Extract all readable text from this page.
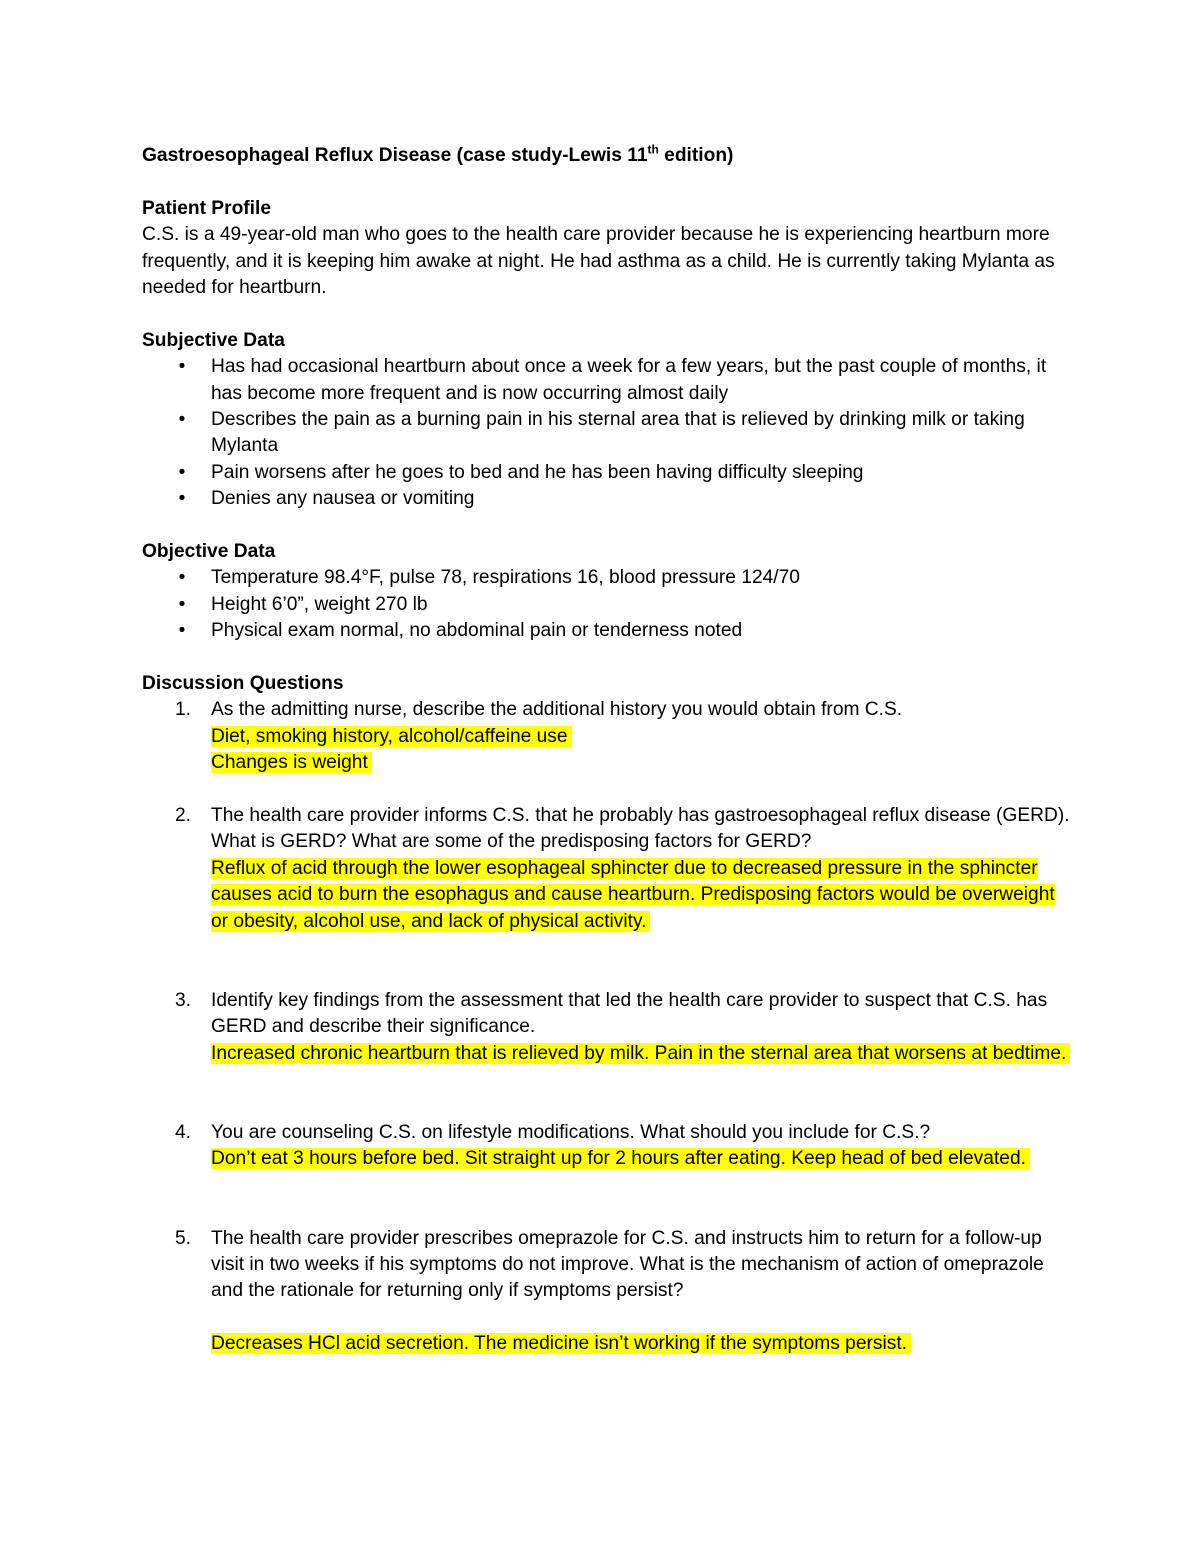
Gastroesophageal Reflux Disease (case study-Lewis 11th edition)

Patient Profile

C.S. is a 49-year-old man who goes to the health care provider because he is experiencing heartburn more frequently, and it is keeping him awake at night. He had asthma as a child. He is currently taking Mylanta as needed for heartburn.

Subjective Data

•	Has had occasional heartburn about once a week for a few years, but the past couple of months, it has become more frequent and is now occurring almost daily
•	Describes the pain as a burning pain in his sternal area that is relieved by drinking milk or taking Mylanta
•	Pain worsens after he goes to bed and he has been having difficulty sleeping
•	Denies any nausea or vomiting

Objective Data

•	Temperature 98.4°F, pulse 78, respirations 16, blood pressure 124/70
•	Height 6’0”, weight 270 lb
•	Physical exam normal, no abdominal pain or tenderness noted

Discussion Questions

1. As the admitting nurse, describe the additional history you would obtain from C.S.
Diet, smoking history, alcohol/caffeine use
Changes is weight
2. The health care provider informs C.S. that he probably has gastroesophageal reflux disease (GERD). What is GERD? What are some of the predisposing factors for GERD?
Reflux of acid through the lower esophageal sphincter due to decreased pressure in the sphincter causes acid to burn the esophagus and cause heartburn. Predisposing factors would be overweight or obesity, alcohol use, and lack of physical activity.
3. Identify key findings from the assessment that led the health care provider to suspect that C.S. has GERD and describe their significance.
Increased chronic heartburn that is relieved by milk. Pain in the sternal area that worsens at bedtime.
4. You are counseling C.S. on lifestyle modifications. What should you include for C.S.?
Don’t eat 3 hours before bed. Sit straight up for 2 hours after eating. Keep head of bed elevated.
5. The health care provider prescribes omeprazole for C.S. and instructs him to return for a follow-up visit in two weeks if his symptoms do not improve. What is the mechanism of action of omeprazole and the rationale for returning only if symptoms persist?
Decreases HCl acid secretion. The medicine isn’t working if the symptoms persist.
